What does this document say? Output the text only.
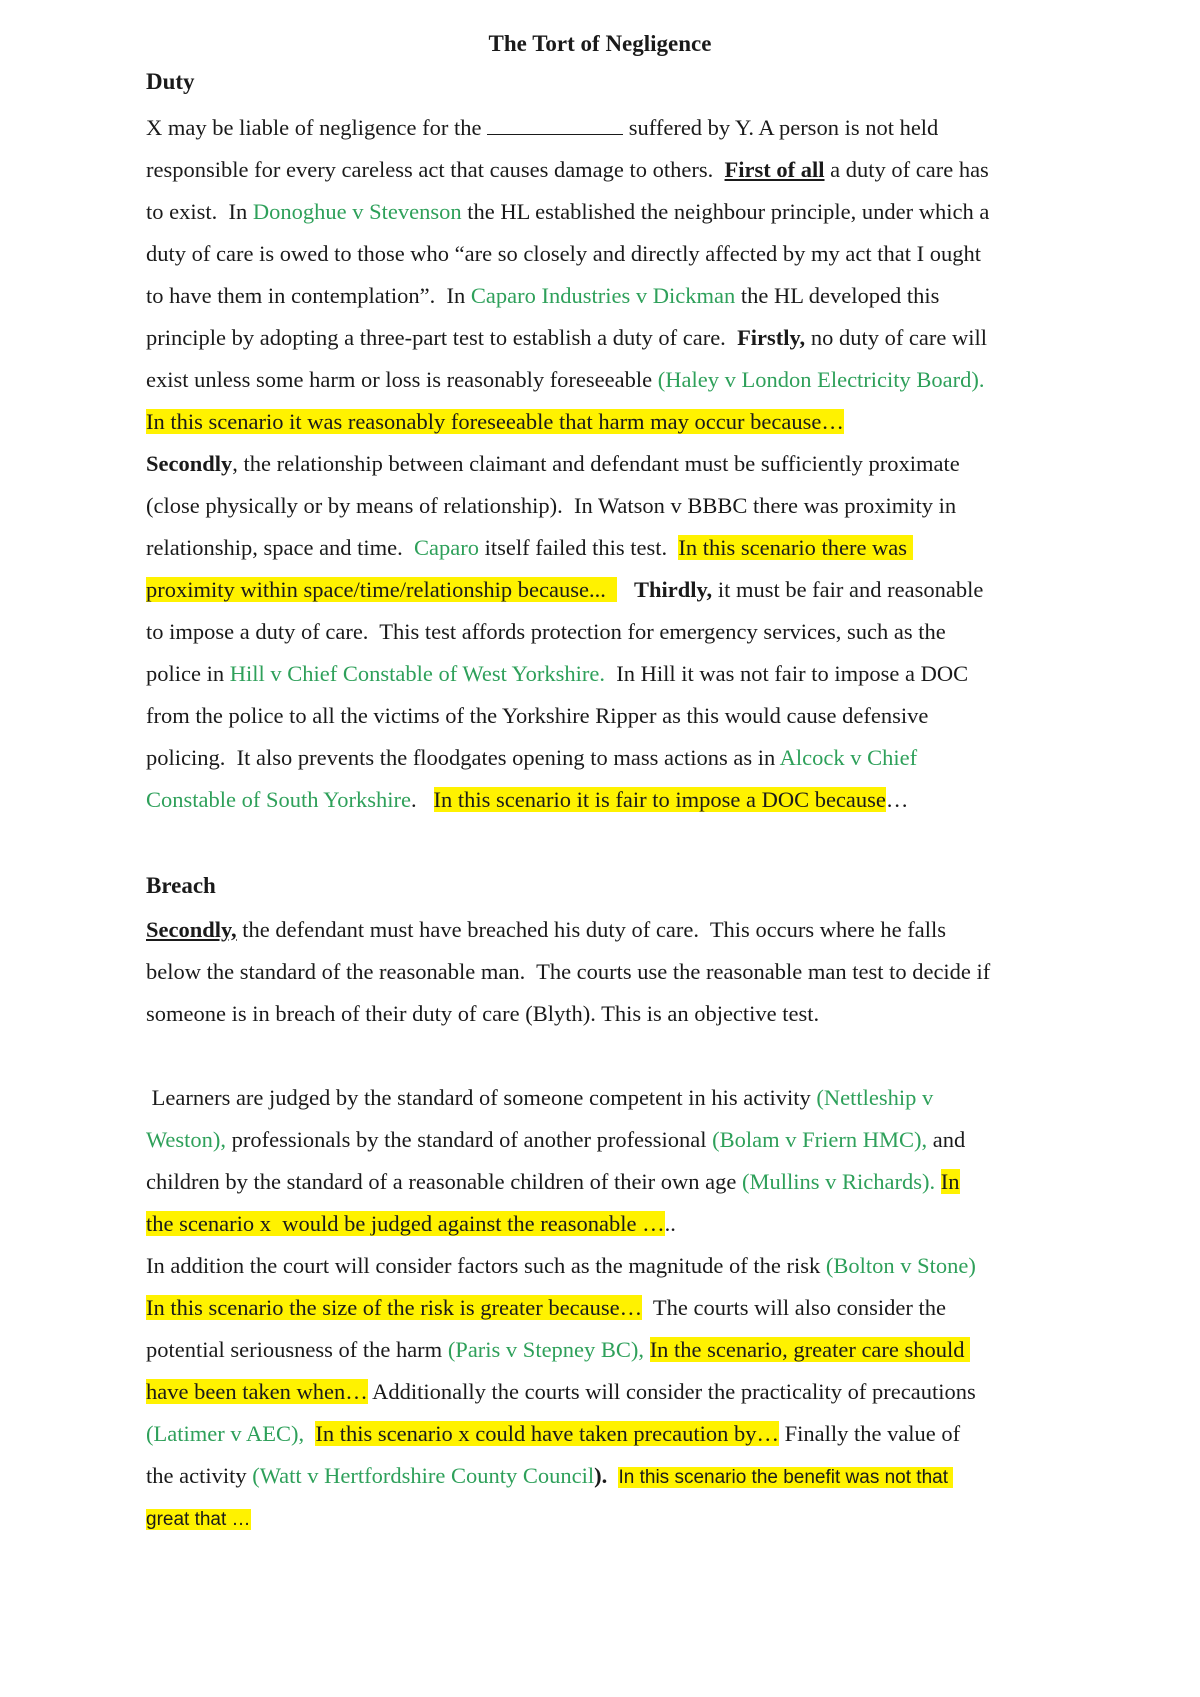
The Tort of Negligence
Duty
X may be liable of negligence for the	suffered by Y. A person is not held
responsible for every careless act that causes damage to others.  First of all a duty of care has
to exist.  In Donoghue v Stevenson the HL established the neighbour principle, under which a
duty of care is owed to those who “are so closely and directly affected by my act that I ought
to have them in contemplation”.  In Caparo Industries v Dickman the HL developed this
principle by adopting a three-part test to establish a duty of care.  Firstly, no duty of care will
exist unless some harm or loss is reasonably foreseeable (Haley v London Electricity Board).
In this scenario it was reasonably foreseeable that harm may occur because…
Secondly, the relationship between claimant and defendant must be sufficiently proximate
(close physically or by means of relationship).  In Watson v BBBC there was proximity in
relationship, space and time.  Caparo itself failed this test.  In this scenario there was
proximity within space/time/relationship because...     Thirdly, it must be fair and reasonable
to impose a duty of care.  This test affords protection for emergency services, such as the
police in Hill v Chief Constable of West Yorkshire.  In Hill it was not fair to impose a DOC
from the police to all the victims of the Yorkshire Ripper as this would cause defensive
policing.  It also prevents the floodgates opening to mass actions as in Alcock v Chief
Constable of South Yorkshire.   In this scenario it is fair to impose a DOC because…
Breach
Secondly, the defendant must have breached his duty of care.  This occurs where he falls
below the standard of the reasonable man.  The courts use the reasonable man test to decide if
someone is in breach of their duty of care (Blyth). This is an objective test.
Learners are judged by the standard of someone competent in his activity (Nettleship v
Weston), professionals by the standard of another professional (Bolam v Friern HMC), and
children by the standard of a reasonable children of their own age (Mullins v Richards). In
the scenario x  would be judged against the reasonable …..
In addition the court will consider factors such as the magnitude of the risk (Bolton v Stone)
In this scenario the size of the risk is greater because…  The courts will also consider the
potential seriousness of the harm (Paris v Stepney BC), In the scenario, greater care should
have been taken when… Additionally the courts will consider the practicality of precautions
(Latimer v AEC), In this scenario x could have taken precaution by… Finally the value of
the activity (Watt v Hertfordshire County Council). In this scenario the benefit was not that
great that …
